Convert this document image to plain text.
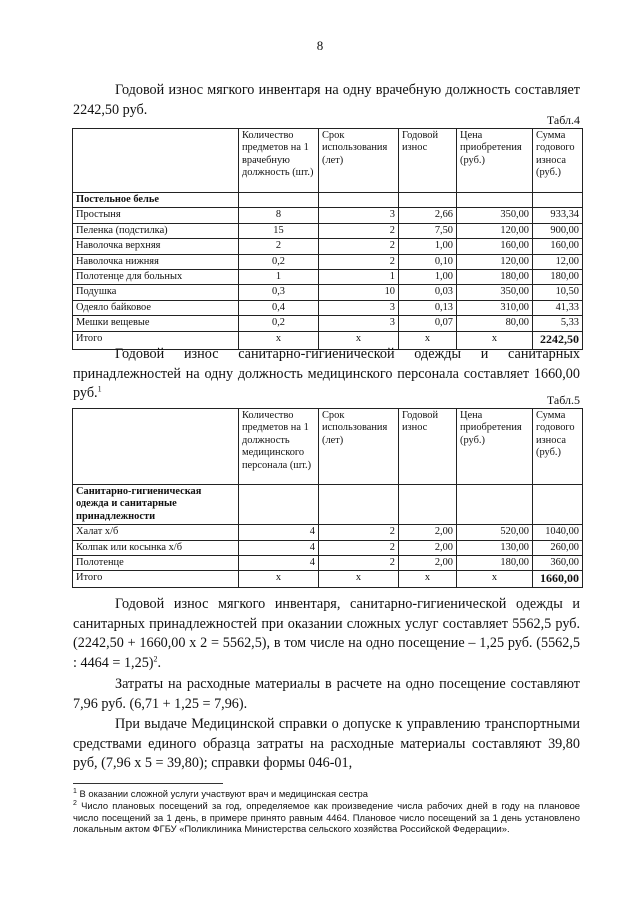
8

Годовой износ мягкого инвентаря на одну врачебную должность составляет 2242,50 руб.

Табл.4
	Количество предметов на 1 врачебную должность (шт.)	Срок использования (лет)	Годовой износ	Цена приобретения (руб.)	Сумма годового износа (руб.)
Постельное белье					
Простыня	8	3	2,66	350,00	933,34
Пеленка (подстилка)	15	2	7,50	120,00	900,00
Наволочка верхняя	2	2	1,00	160,00	160,00
Наволочка нижняя	0,2	2	0,10	120,00	12,00
Полотенце для больных	1	1	1,00	180,00	180,00
Подушка	0,3	10	0,03	350,00	10,50
Одеяло байковое	0,4	3	0,13	310,00	41,33
Мешки вещевые	0,2	3	0,07	80,00	5,33
Итого	х	х	х	х	2242,50

Годовой износ санитарно-гигиенической одежды и санитарных принадлежностей на одну должность медицинского персонала составляет 1660,00 руб.$^1$

Табл.5
	Количество предметов на 1 должность медицинского персонала (шт.)	Срок использования (лет)	Годовой износ	Цена приобретения (руб.)	Сумма годового износа (руб.)
Санитарно-гигиеническая одежда и санитарные принадлежности					
Халат х/б	4	2	2,00	520,00	1040,00
Колпак или косынка х/б	4	2	2,00	130,00	260,00
Полотенце	4	2	2,00	180,00	360,00
Итого	х	х	х	х	1660,00

Годовой износ мягкого инвентаря, санитарно-гигиенической одежды и санитарных принадлежностей при оказании сложных услуг составляет 5562,5 руб. (2242,50 + 1660,00 х 2 = 5562,5), в том числе на одно посещение – 1,25 руб. (5562,5 : 4464 = 1,25)$^2$.

Затраты на расходные материалы в расчете на одно посещение составляют 7,96 руб. (6,71 + 1,25 = 7,96).

При выдаче Медицинской справки о допуске к управлению транспортными средствами единого образца затраты на расходные материалы составляют 39,80 руб, (7,96 х 5 = 39,80); справки формы 046-01,

$^1$ В оказании сложной услуги участвуют врач и медицинская сестра

$^2$ Число плановых посещений за год, определяемое как произведение числа рабочих дней в году на плановое число посещений за 1 день, в примере принято равным 4464. Плановое число посещений за 1 день установлено локальным актом ФГБУ «Поликлиника Министерства сельского хозяйства Российской Федерации».
